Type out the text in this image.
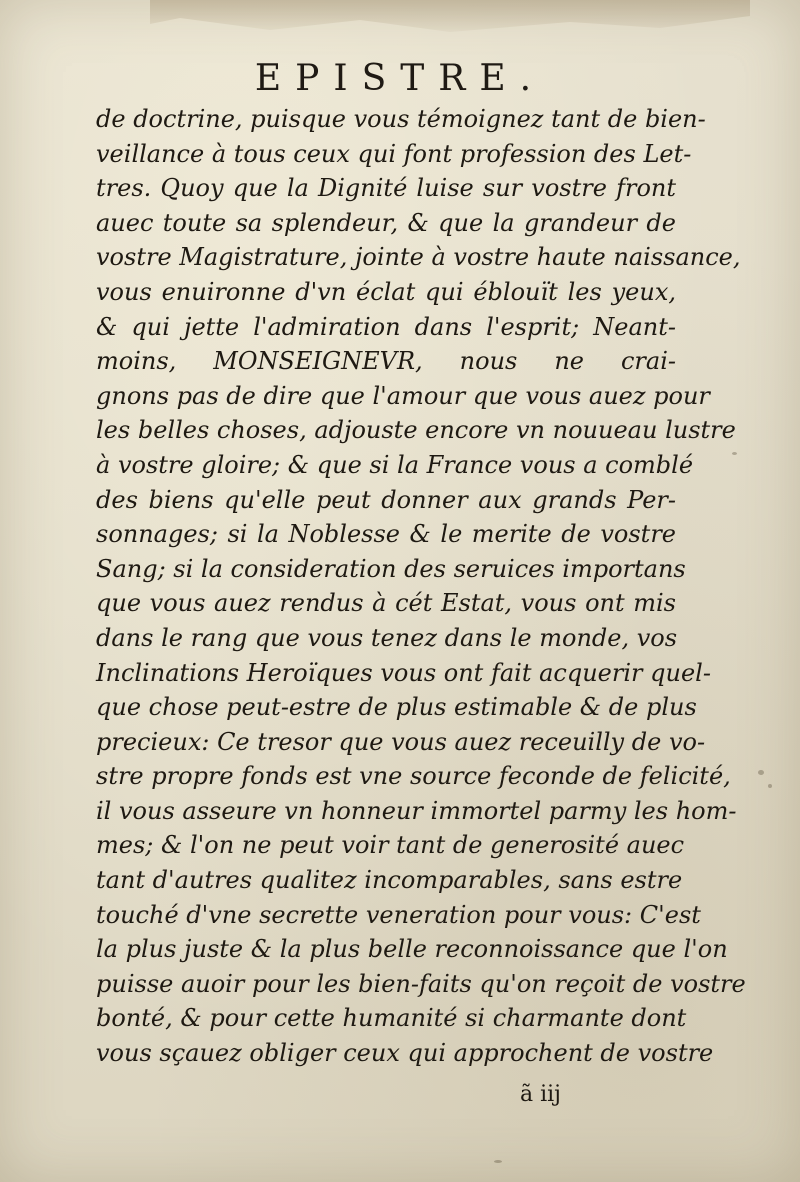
EPISTRE.
de doctrine, puisque vous témoignez tant de bien-
veillance à tous ceux qui font profession des Let-
tres. Quoy que la Dignité luise sur vostre front
auec toute sa splendeur, & que la grandeur de
vostre Magistrature, jointe à vostre haute naissance,
vous enuironne d'vn éclat qui éblouït les yeux,
& qui jette l'admiration dans l'esprit; Neant-
moins, MONSEIGNEVR, nous ne crai-
gnons pas de dire que l'amour que vous auez pour
les belles choses, adjouste encore vn nouueau lustre
à vostre gloire; & que si la France vous a comblé
des biens qu'elle peut donner aux grands Per-
sonnages; si la Noblesse & le merite de vostre
Sang; si la consideration des seruices importans
que vous auez rendus à cét Estat, vous ont mis
dans le rang que vous tenez dans le monde, vos
Inclinations Heroïques vous ont fait acquerir quel-
que chose peut-estre de plus estimable & de plus
precieux: Ce tresor que vous auez receuilly de vo-
stre propre fonds est vne source feconde de felicité,
il vous asseure vn honneur immortel parmy les hom-
mes; & l'on ne peut voir tant de generosité auec
tant d'autres qualitez incomparables, sans estre
touché d'vne secrette veneration pour vous: C'est
la plus juste & la plus belle reconnoissance que l'on
puisse auoir pour les bien-faits qu'on reçoit de vostre
bonté, & pour cette humanité si charmante dont
vous sçauez obliger ceux qui approchent de vostre
ã iij
